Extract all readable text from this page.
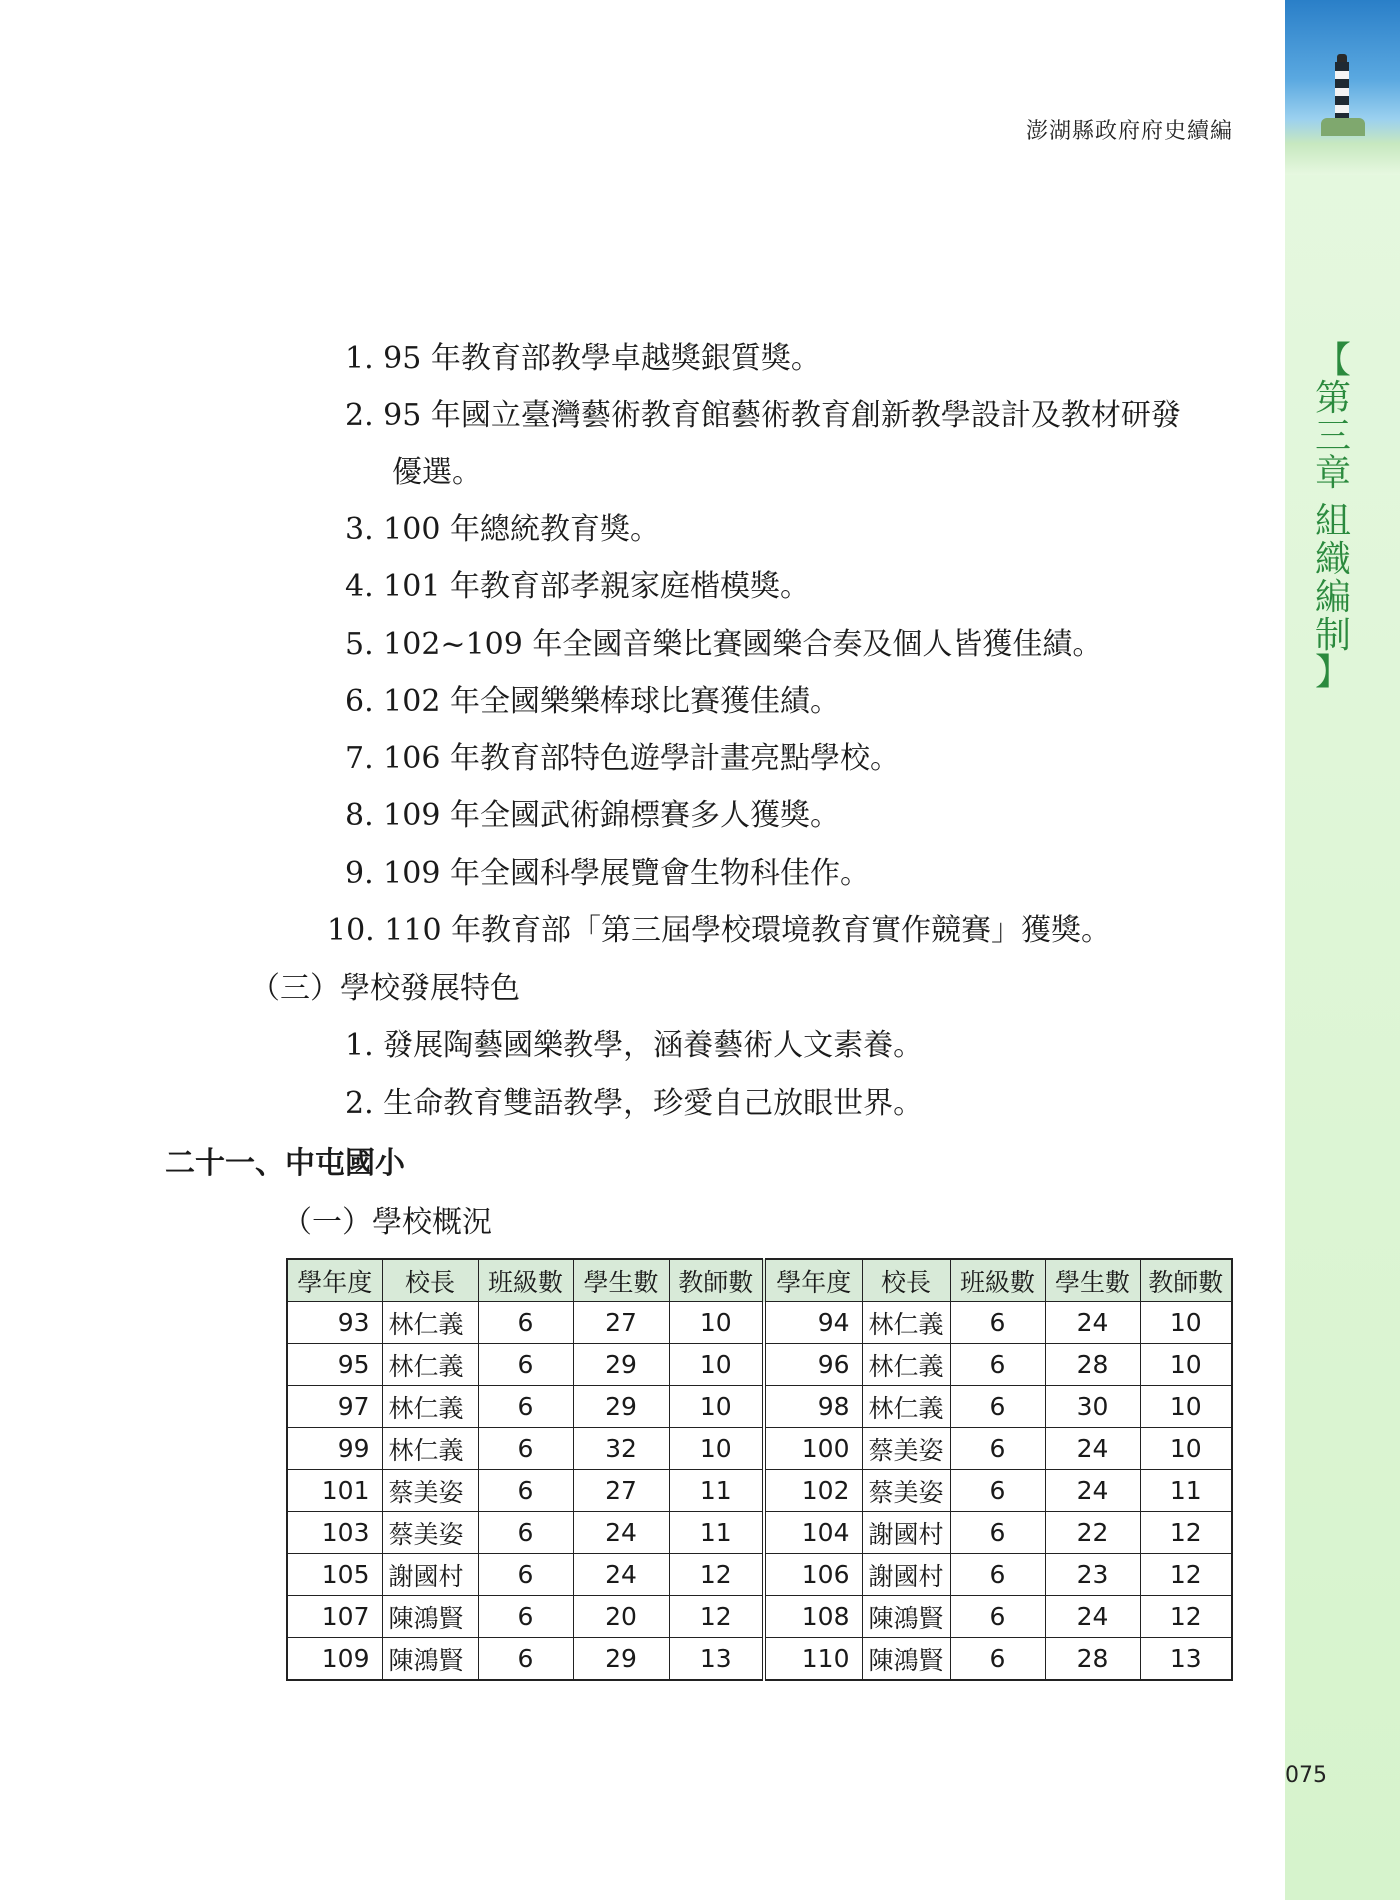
【
第
三
章
組
織
編
制
】
澎湖縣政府府史續編
1. 95 年教育部教學卓越獎銀質獎。
2. 95 年國立臺灣藝術教育館藝術教育創新教學設計及教材研發
優選。
3. 100 年總統教育獎。
4. 101 年教育部孝親家庭楷模獎。
5. 102~109 年全國音樂比賽國樂合奏及個人皆獲佳績。
6. 102 年全國樂樂棒球比賽獲佳績。
7. 106 年教育部特色遊學計畫亮點學校。
8. 109 年全國武術錦標賽多人獲獎。
9. 109 年全國科學展覽會生物科佳作。
10. 110 年教育部「第三屆學校環境教育實作競賽」獲獎。
（三）學校發展特色
1. 發展陶藝國樂教學，涵養藝術人文素養。
2. 生命教育雙語教學，珍愛自己放眼世界。
二十一、中屯國小
（一）學校概況
學年度	校長	班級數	學生數	教師數	學年度	校長	班級數	學生數	教師數
93	林仁義	6	27	10	94	林仁義	6	24	10
95	林仁義	6	29	10	96	林仁義	6	28	10
97	林仁義	6	29	10	98	林仁義	6	30	10
99	林仁義	6	32	10	100	蔡美姿	6	24	10
101	蔡美姿	6	27	11	102	蔡美姿	6	24	11
103	蔡美姿	6	24	11	104	謝國村	6	22	12
105	謝國村	6	24	12	106	謝國村	6	23	12
107	陳鴻賢	6	20	12	108	陳鴻賢	6	24	12
109	陳鴻賢	6	29	13	110	陳鴻賢	6	28	13
075
